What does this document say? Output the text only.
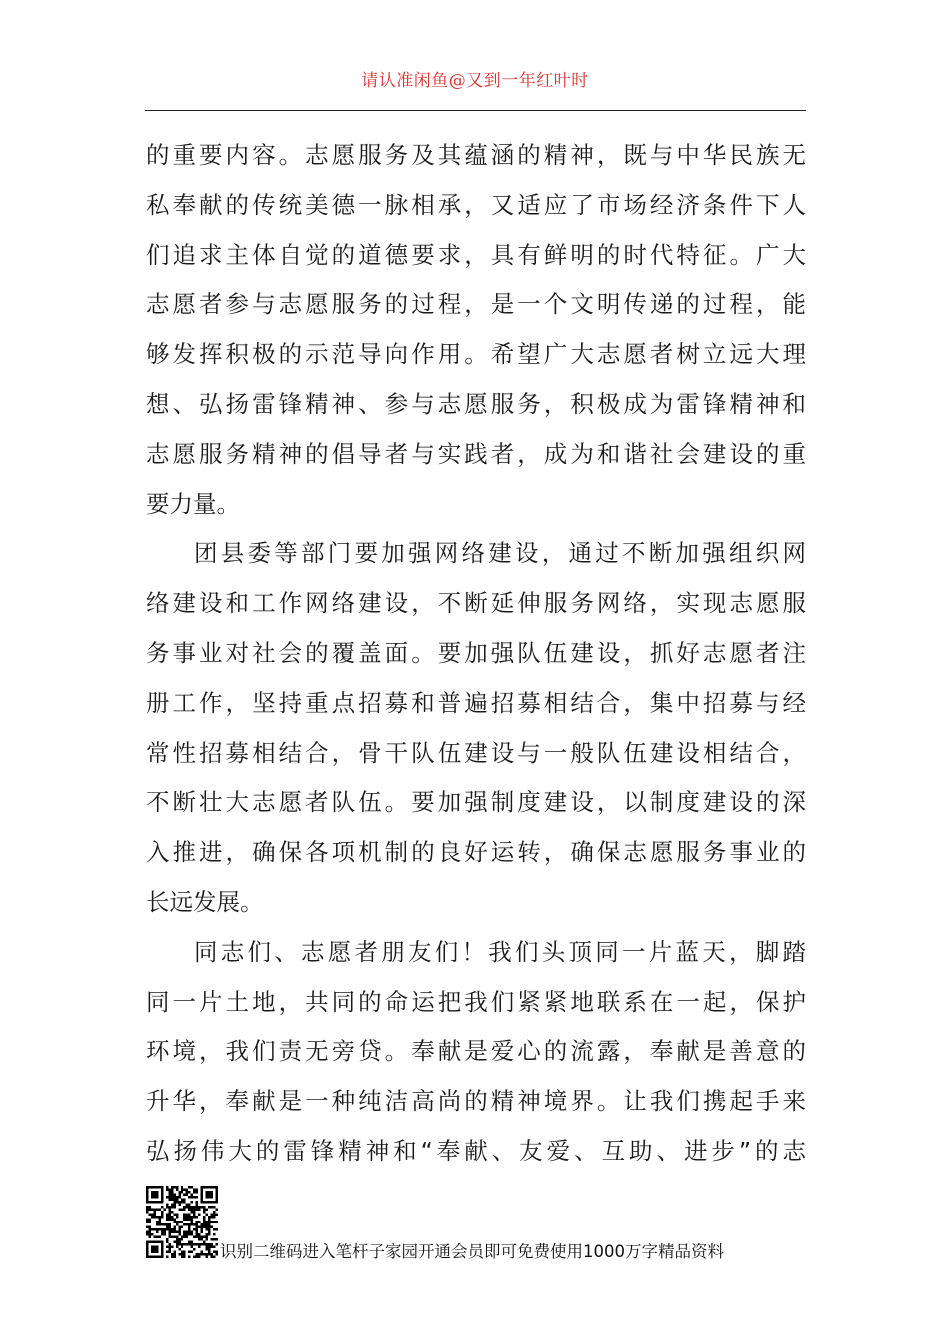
请认准闲鱼@又到一年红叶时
的重要内容。志愿服务及其蕴涵的精神，既与中华民族无
私奉献的传统美德一脉相承，又适应了市场经济条件下人
们追求主体自觉的道德要求，具有鲜明的时代特征。广大
志愿者参与志愿服务的过程，是一个文明传递的过程，能
够发挥积极的示范导向作用。希望广大志愿者树立远大理
想、弘扬雷锋精神、参与志愿服务，积极成为雷锋精神和
志愿服务精神的倡导者与实践者，成为和谐社会建设的重
要力量。
团县委等部门要加强网络建设，通过不断加强组织网
络建设和工作网络建设，不断延伸服务网络，实现志愿服
务事业对社会的覆盖面。要加强队伍建设，抓好志愿者注
册工作，坚持重点招募和普遍招募相结合，集中招募与经
常性招募相结合，骨干队伍建设与一般队伍建设相结合，
不断壮大志愿者队伍。要加强制度建设，以制度建设的深
入推进，确保各项机制的良好运转，确保志愿服务事业的
长远发展。
同志们、志愿者朋友们！我们头顶同一片蓝天，脚踏
同一片土地，共同的命运把我们紧紧地联系在一起，保护
环境，我们责无旁贷。奉献是爱心的流露，奉献是善意的
升华，奉献是一种纯洁高尚的精神境界。让我们携起手来
弘扬伟大的雷锋精神和“奉献、友爱、互助、进步”的志
识别二维码进入笔杆子家园开通会员即可免费使用1000万字精品资料
